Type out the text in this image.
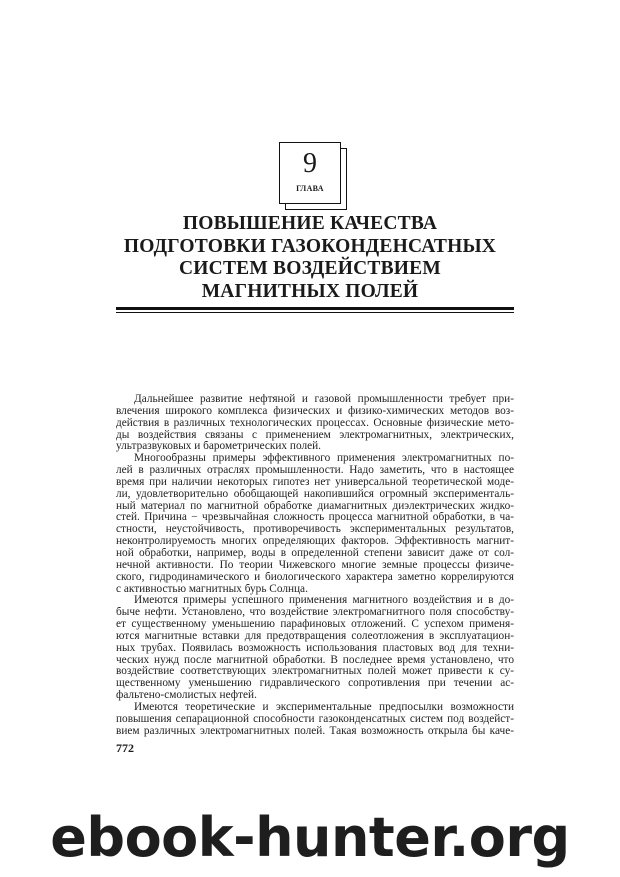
9
ГЛАВА
ПОВЫШЕНИЕ КАЧЕСТВА
ПОДГОТОВКИ ГАЗОКОНДЕНСАТНЫХ
СИСТЕМ ВОЗДЕЙСТВИЕМ
МАГНИТНЫХ ПОЛЕЙ
Дальнейшее развитие нефтяной и газовой промышленности требует при-
влечения широкого комплекса физических и физико-химических методов воз-
действия в различных технологических процессах. Основные физические мето-
ды воздействия связаны с применением электромагнитных, электрических,
ультразвуковых и барометрических полей.
Многообразны примеры эффективного применения электромагнитных по-
лей в различных отраслях промышленности. Надо заметить, что в настоящее
время при наличии некоторых гипотез нет универсальной теоретической моде-
ли, удовлетворительно обобщающей накопившийся огромный эксперименталь-
ный материал по магнитной обработке диамагнитных диэлектрических жидко-
стей. Причина − чрезвычайная сложность процесса магнитной обработки, в ча-
стности, неустойчивость, противоречивость экспериментальных результатов,
неконтролируемость многих определяющих факторов. Эффективность магнит-
ной обработки, например, воды в определенной степени зависит даже от сол-
нечной активности. По теории Чижевского многие земные процессы физиче-
ского, гидродинамического и биологического характера заметно коррелируются
с активностью магнитных бурь Солнца.
Имеются примеры успешного применения магнитного воздействия и в до-
быче нефти. Установлено, что воздействие электромагнитного поля способству-
ет существенному уменьшению парафиновых отложений. С успехом применя-
ются магнитные вставки для предотвращения солеотложения в эксплуатацион-
ных трубах. Появилась возможность использования пластовых вод для техни-
ческих нужд после магнитной обработки. В последнее время установлено, что
воздействие соответствующих электромагнитных полей может привести к су-
щественному уменьшению гидравлического сопротивления при течении ас-
фальтено-смолистых нефтей.
Имеются теоретические и экспериментальные предпосылки возможности
повышения сепарационной способности газоконденсатных систем под воздейст-
вием различных электромагнитных полей. Такая возможность открыла бы каче-
772
ebook-hunter.org
